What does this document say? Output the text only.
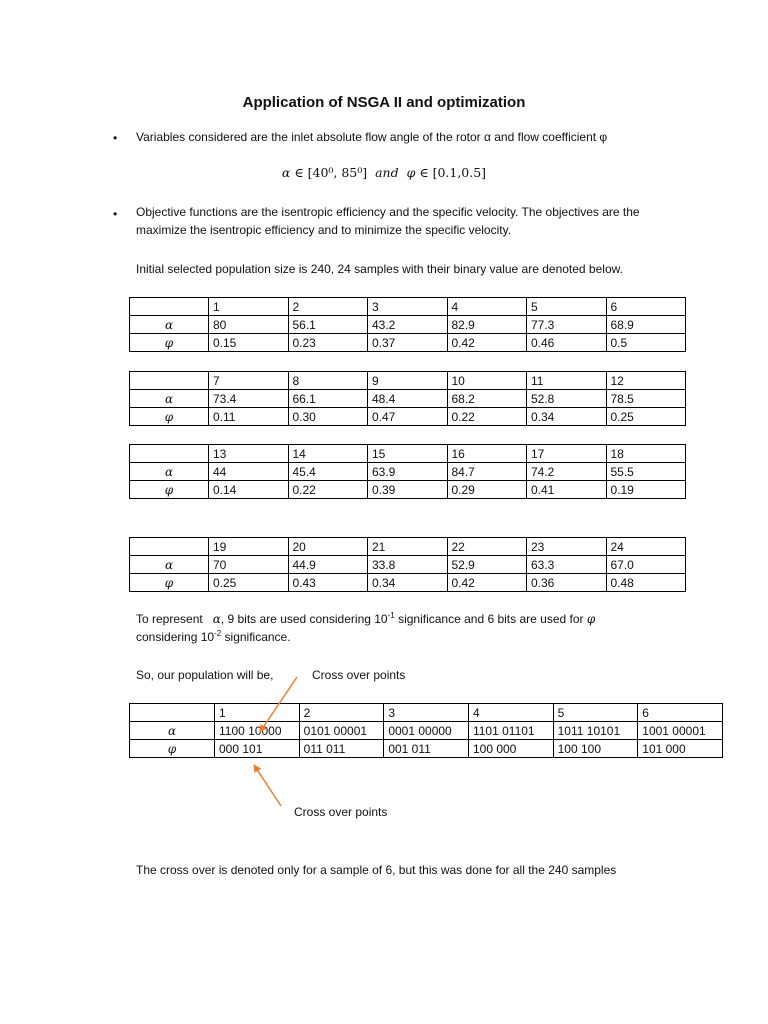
Application of NSGA II and optimization
• Variables considered are the inlet absolute flow angle of the rotor α and flow coefficient φ
α ∈ [40⁰, 85⁰] and φ ∈ [0.1,0.5]
• Objective functions are the isentropic efficiency and the specific velocity. The objectives are the
maximize the isentropic efficiency and to minimize the specific velocity.
Initial selected population size is 240, 24 samples with their binary value are denoted below.
	1	2	3	4	5	6
α	80	56.1	43.2	82.9	77.3	68.9
φ	0.15	0.23	0.37	0.42	0.46	0.5
	7	8	9	10	11	12
α	73.4	66.1	48.4	68.2	52.8	78.5
φ	0.11	0.30	0.47	0.22	0.34	0.25
	13	14	15	16	17	18
α	44	45.4	63.9	84.7	74.2	55.5
φ	0.14	0.22	0.39	0.29	0.41	0.19
	19	20	21	22	23	24
α	70	44.9	33.8	52.9	63.3	67.0
φ	0.25	0.43	0.34	0.42	0.36	0.48
To represent α, 9 bits are used considering $10^{-1}$ significance and 6 bits are used for φ
considering $10^{-2}$ significance.
So, our population will be,	Cross over points
	1	2	3	4	5	6
α	1100 10000	0101 00001	0001 00000	1101 01101	1011 10101	1001 00001
φ	000 101	011 011	001 011	100 000	100 100	101 000
Cross over points
The cross over is denoted only for a sample of 6, but this was done for all the 240 samples
